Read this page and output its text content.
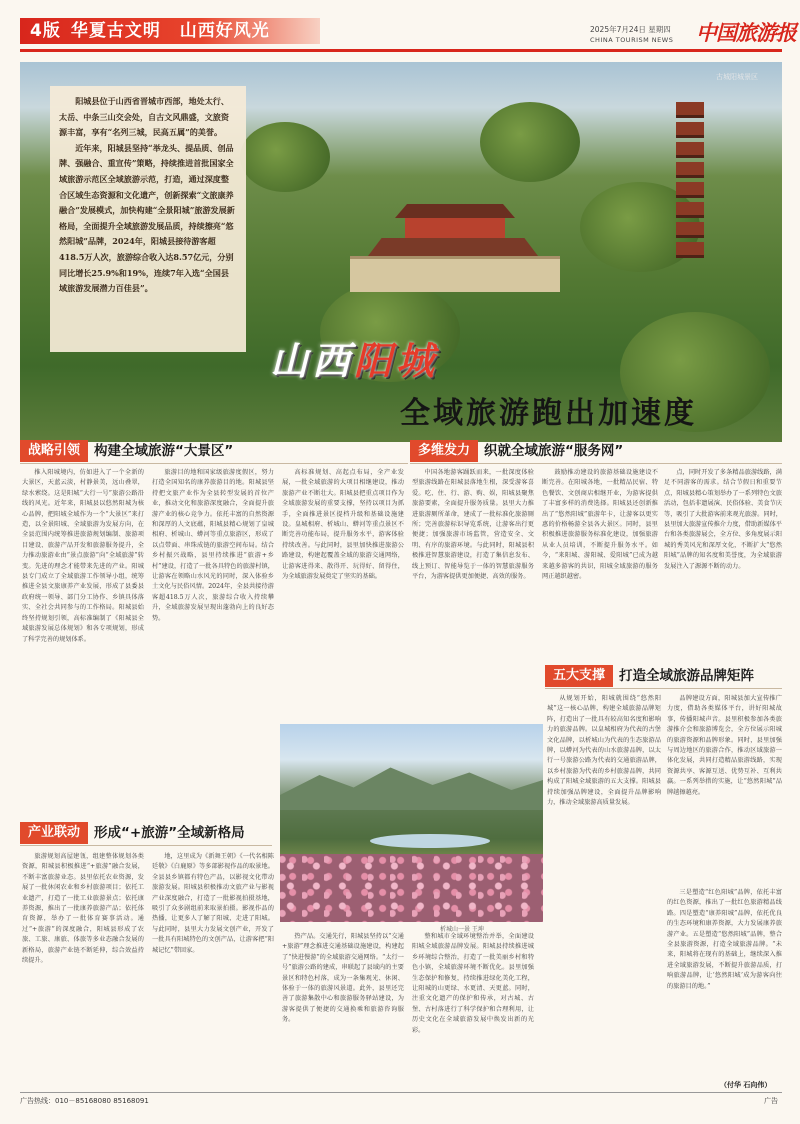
4版 华夏古文明 山西好风光	2025年7月24日 星期四
CHINA TOURISM NEWS 中国旅游报
古城阳城景区

阳城县位于山西省晋城市西部，地处太行、太岳、中条三山交会处，自古文风鼎盛，文旅资源丰富，享有“名列三城，民高五属”的美誉。

近年来，阳城县坚持“举龙头、提品质、创品牌、强融合、重宣传”策略，持续推进首批国家全域旅游示范区全域旅游示范，打造，通过深度整合区域生态资源和文化遗产，创新探索“文旅康养融合”发展模式，加快构建“全景阳城”旅游发展新格局，全面提升全域旅游发展品质，持续擦亮“悠然阳城”品牌，2024年，阳城县接待游客超418.5万人次，旅游综合收入达8.57亿元，分别同比增长25.9%和19%，连续7年入选“全国县域旅游发展潜力百佳县”。

山西阳城
全域旅游跑出加速度
战略引领 构建全域旅游“大景区”	多维发力 织就全域旅游“服务网”

推入阳城境内，仿如进入了一个全新的大景区，天蓝云淡，村静景美，远山叠翠，绿水萦绕。这是阳城“大行一号”旅游公路沿线的风光。近年来，阳城县以悠然阳城为核心品牌，把阳城全域作为一个“大景区”来打造，以全景阳城、全域旅游为发展方向，在全县范围内统筹推进旅游规划编制、旅游项目建设、旅游产品开发和旅游服务提升，全力推动旅游业由“景点旅游”向“全域旅游”转变。先进的理念才能带来先进的产业。阳城县专门成立了全域旅游工作领导小组，统筹推进全县文旅康养产业发展，形成了县委县政府统一领导、部门分工协作、乡镇具体落实、全社会共同参与的工作格局。阳城县始终坚持规划引领，高标准编制了《阳城县全域旅游发展总体规划》和各专项规划，形成了科学完善的规划体系。

旅游目的地和国家级旅游度假区，努力打造全国知名的康养旅游目的地。阳城县坚持把文旅产业作为全县转型发展的首位产业，推动文化和旅游深度融合，全面提升旅游产业的核心竞争力。依托丰富的自然资源和深厚的人文底蕴，阳城县精心规划了皇城相府、析城山、蟒河等重点旅游区，形成了以点带面、串珠成链的旅游空间布局。结合乡村振兴战略，县里持续推进“旅游+乡村”建设，打造了一批各具特色的旅游村镇，让游客在领略山水风光的同时，深入体验乡土文化与民俗风情。2024年，全县共接待游客超418.5万人次，旅游综合收入持续攀升，全域旅游发展呈现出蓬勃向上的良好态势。

高标准规划、高起点布局，全产业发展，一批全域旅游的大项目相继建设，推动旅游产业不断壮大。阳城县把重点项目作为全域旅游发展的重要支撑，坚持以项目为抓手，全面推进景区提档升级和基础设施建设。皇城相府、析城山、蟒河等重点景区不断完善功能布局，提升服务水平，游客体验持续改善。与此同时，县里加快推进旅游公路建设，构建起覆盖全域的旅游交通网络，让游客进得来、散得开、玩得好、留得住，为全域旅游发展奠定了坚实的基础。

中国各地游客踊跃而来，一批深度体验型旅游线路在阳城县落地生根，深受游客喜爱。吃、住、行、游、购、娱，阳城县聚焦旅游要素，全面提升服务质量。县里大力推进旅游厕所革命，建成了一批标准化旅游厕所；完善旅游标识导览系统，让游客出行更便捷；加强旅游市场监管，营造安全、文明、有序的旅游环境。与此同时，阳城县积极推进智慧旅游建设，打造了集信息发布、线上预订、智能导览于一体的智慧旅游服务平台，为游客提供更加便捷、高效的服务。

鼓励推动建设的旅游基础设施建设不断完善。在阳城各地，一批精品民宿、特色餐饮、文创商店相继开业，为游客提供了丰富多样的消费选择。阳城县还创新推出了“悠然阳城”旅游年卡，让游客以更实惠的价格畅游全县各大景区。同时，县里积极推进旅游服务标准化建设，加强旅游从业人员培训，不断提升服务水平。如今，“来阳城、游阳城、爱阳城”已成为越来越多游客的共识，阳城全域旅游的服务网正越织越密。

点，同时开发了多条精品旅游线路，满足不同游客的需求。结合节假日和重要节点，阳城县精心策划举办了一系列特色文旅活动，包括非遗展演、民俗体验、美食节庆等，吸引了大批游客前来观光旅游。同时，县里加大旅游宣传推介力度，借助新媒体平台和各类旅游展会，全方位、多角度展示阳城的秀美风光和深厚文化，不断扩大“悠然阳城”品牌的知名度和美誉度，为全域旅游发展注入了源源不断的动力。

析城山一景 王坤
五大支撑 打造全域旅游品牌矩阵
产业联动 形成“+旅游”全域新格局

旅游规划高屋建瓴，组建整体规划各类资源，阳城县积极推进“+旅游”融合发展，不断丰富旅游业态。县里依托农业资源，发展了一批休闲农业和乡村旅游项目；依托工业遗产，打造了一批工业旅游景点；依托康养资源，推出了一批康养旅游产品；依托体育资源，举办了一批体育赛事活动。通过“+旅游”的深度融合，阳城县形成了农旅、工旅、康旅、体旅等多业态融合发展的新格局，旅游产业链不断延伸，综合效益持续提升。

地，这里成为《新舞王朝》《一代名相陈廷敬》《白鹿原》等多部影视作品的取景地。全县县乡镇都有特色产品，以影视文化带动旅游发展。阳城县积极推动文旅产业与影视产业深度融合，打造了一批影视拍摄基地，吸引了众多剧组前来取景拍摄。影视作品的热播，让更多人了解了阳城、走进了阳城。与此同时，县里大力发展文创产业，开发了一批具有阳城特色的文创产品，让游客把“阳城记忆”带回家。

热产品。交通先行，阳城县坚持以“交通+旅游”理念推进交通基础设施建设，构建起了“快进慢游”的全域旅游交通网络。“太行一号”旅游公路的建成，串联起了县域内的主要景区和特色村落，成为一条集观光、休闲、体验于一体的旅游风景道。此外，县里还完善了旅游集散中心和旅游服务驿站建设，为游客提供了便捷的交通换乘和旅游咨询服务。

整和城市全域环境整治并举，全面建设阳城全域旅游品牌发展。阳城县持续推进城乡环境综合整治，打造了一批美丽乡村和特色小镇，全域旅游环境不断优化。县里加强生态保护和修复，持续推进绿化美化工程，让阳城的山更绿、水更清、天更蓝。同时，注重文化遗产的保护和传承，对古城、古堡、古村落进行了科学保护和合理利用，让历史文化在全域旅游发展中焕发出新的光彩。

从规划开始，阳城就围绕“悠然阳城”这一核心品牌，构建全域旅游品牌矩阵，打造出了一批具有较高知名度和影响力的旅游品牌。以皇城相府为代表的古堡文化品牌，以析城山为代表的生态旅游品牌，以蟒河为代表的山水旅游品牌，以太行一号旅游公路为代表的交通旅游品牌，以乡村旅游为代表的乡村旅游品牌，共同构成了阳城全域旅游的五大支撑。阳城县持续加强品牌建设，全面提升品牌影响力，推动全域旅游高质量发展。

品牌建设方面，阳城县加大宣传推广力度，借助各类媒体平台，讲好阳城故事，传播阳城声音。县里积极参加各类旅游推介会和旅游博览会，全方位展示阳城的旅游资源和品牌形象。同时，县里加强与周边地区的旅游合作，推动区域旅游一体化发展，共同打造精品旅游线路，实现资源共享、客源互送、优势互补、互利共赢。一系列举措的实施，让“悠然阳城”品牌越擦越亮。

三是塑造“红色阳城”品牌，依托丰富的红色资源，推出了一批红色旅游精品线路。四是塑造“康养阳城”品牌，依托优良的生态环境和康养资源，大力发展康养旅游产业。五是塑造“悠然阳城”品牌，整合全县旅游资源，打造全域旅游品牌。“未来，阳城将在现有的基础上，继续深入推进全域旅游发展，不断提升旅游品质，打响旅游品牌，让‘悠然阳城’成为游客向往的旅游目的地。”

（付华 石向伟）
广告热线：010－85168080 85168091	广告
